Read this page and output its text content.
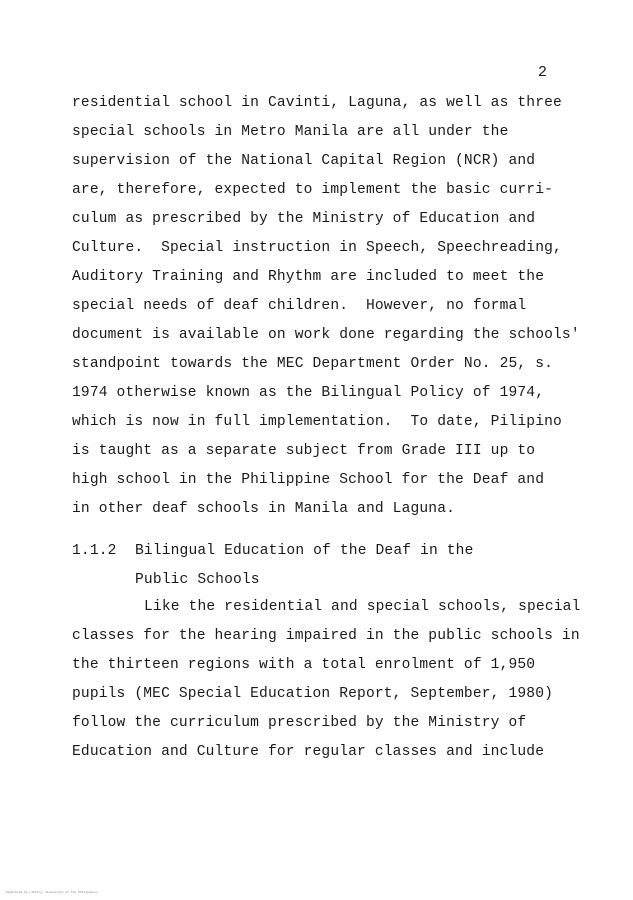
2
residential school in Cavinti, Laguna, as well as three
special schools in Metro Manila are all under the
supervision of the National Capital Region (NCR) and
are, therefore, expected to implement the basic curri-
culum as prescribed by the Ministry of Education and
Culture.  Special instruction in Speech, Speechreading,
Auditory Training and Rhythm are included to meet the
special needs of deaf children.  However, no formal
document is available on work done regarding the schools'
standpoint towards the MEC Department Order No. 25, s.
1974 otherwise known as the Bilingual Policy of 1974,
which is now in full implementation.  To date, Pilipino
is taught as a separate subject from Grade III up to
high school in the Philippine School for the Deaf and
in other deaf schools in Manila and Laguna.
1.1.2 Bilingual Education of the Deaf in the
Public Schools
Like the residential and special schools, special
classes for the hearing impaired in the public schools in
the thirteen regions with a total enrolment of 1,950
pupils (MEC Special Education Report, September, 1980)
follow the curriculum prescribed by the Ministry of
Education and Culture for regular classes and include
digitized by Library, University of the Philippines
